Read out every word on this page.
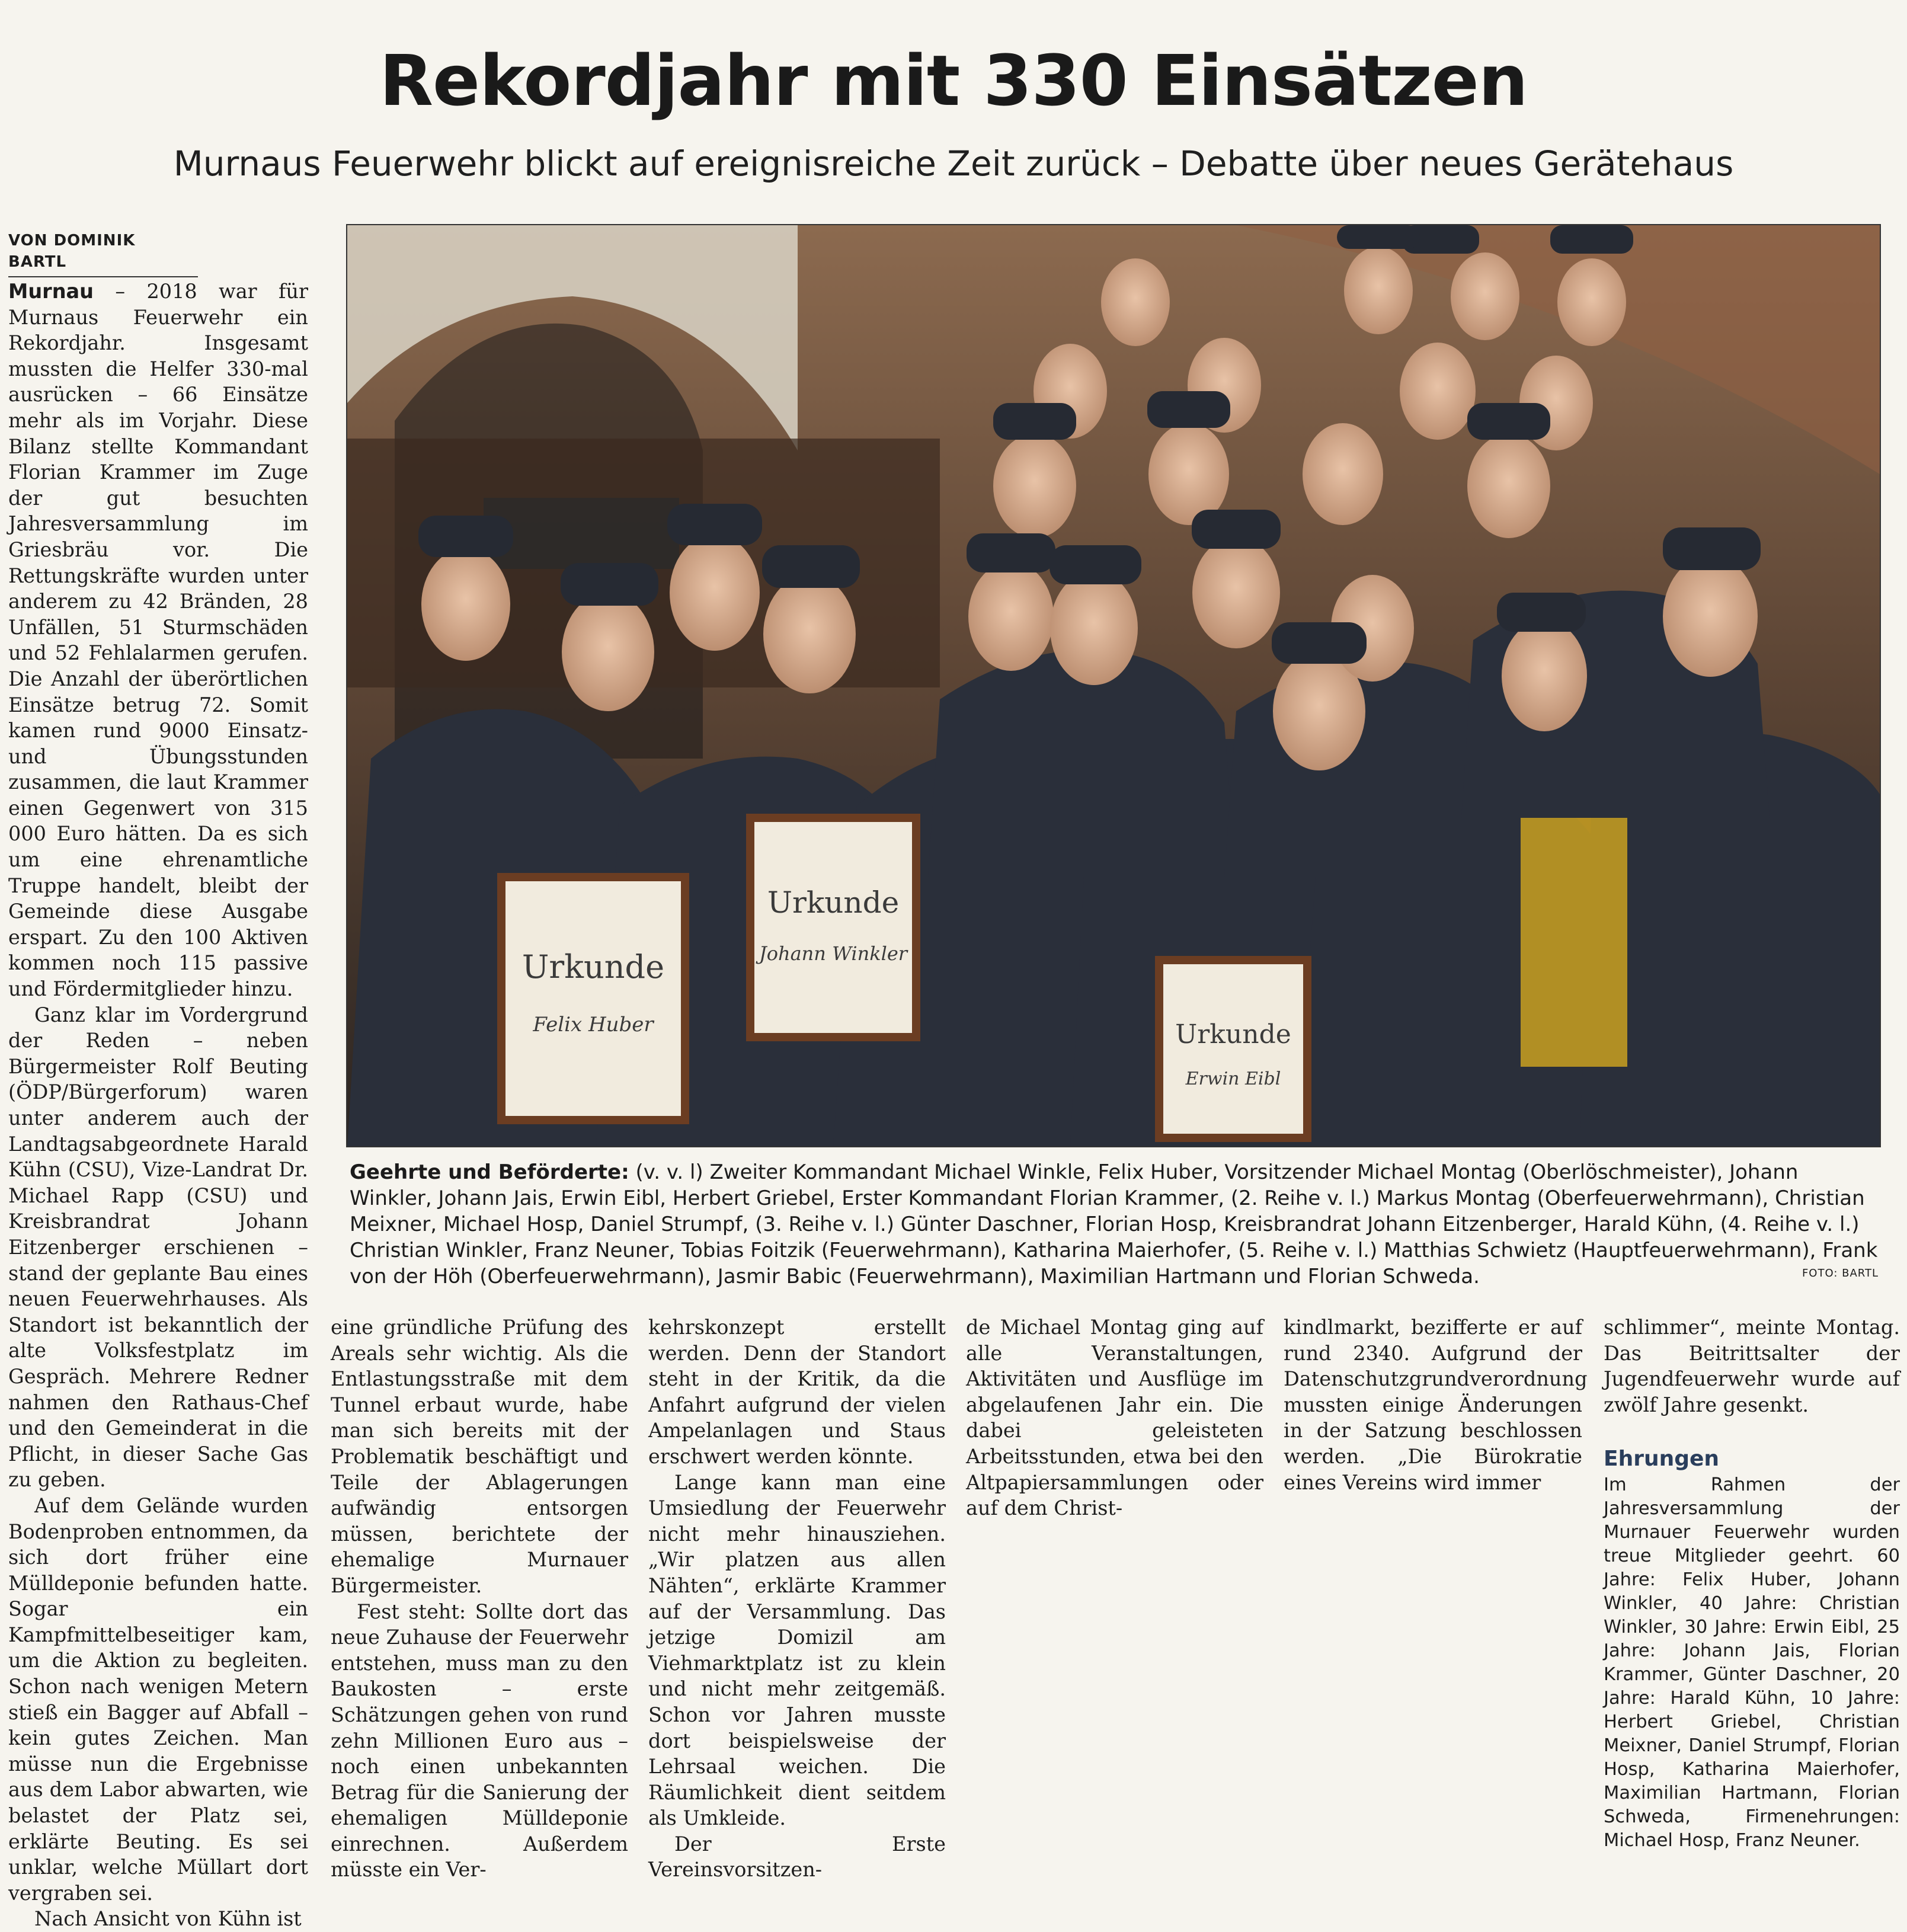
Rekordjahr mit 330 Einsätzen
Murnaus Feuerwehr blickt auf ereignisreiche Zeit zurück – Debatte über neues Gerätehaus
VON DOMINIK BARTL

Murnau – 2018 war für Murnaus Feuerwehr ein Rekordjahr. Insgesamt mussten die Helfer 330-mal ausrücken – 66 Einsätze mehr als im Vorjahr. Diese Bilanz stellte Kommandant Florian Krammer im Zuge der gut besuchten Jahresversammlung im Griesbräu vor. Die Rettungskräfte wurden unter anderem zu 42 Bränden, 28 Unfällen, 51 Sturmschäden und 52 Fehlalarmen gerufen. Die Anzahl der überörtlichen Einsätze betrug 72. Somit kamen rund 9000 Einsatz- und Übungsstunden zusammen, die laut Krammer einen Gegenwert von 315 000 Euro hätten. Da es sich um eine ehrenamtliche Truppe handelt, bleibt der Gemeinde diese Ausgabe erspart. Zu den 100 Aktiven kommen noch 115 passive und Fördermitglieder hinzu.

Ganz klar im Vordergrund der Reden – neben Bürgermeister Rolf Beuting (ÖDP/Bürgerforum) waren unter anderem auch der Landtagsabgeordnete Harald Kühn (CSU), Vize-Landrat Dr. Michael Rapp (CSU) und Kreisbrandrat Johann Eitzenberger erschienen – stand der geplante Bau eines neuen Feuerwehrhauses. Als Standort ist bekanntlich der alte Volksfestplatz im Gespräch. Mehrere Redner nahmen den Rathaus-Chef und den Gemeinderat in die Pflicht, in dieser Sache Gas zu geben.

Auf dem Gelände wurden Bodenproben entnommen, da sich dort früher eine Mülldeponie befunden hatte. Sogar ein Kampfmittelbeseitiger kam, um die Aktion zu begleiten. Schon nach wenigen Metern stieß ein Bagger auf Abfall – kein gutes Zeichen. Man müsse nun die Ergebnisse aus dem Labor abwarten, wie belastet der Platz sei, erklärte Beuting. Es sei unklar, welche Müllart dort vergraben sei.

Nach Ansicht von Kühn ist

Urkunde
Felix Huber
Urkunde
Johann Winkler
Urkunde
Erwin Eibl
Geehrte und Beförderte: (v. v. l) Zweiter Kommandant Michael Winkle, Felix Huber, Vorsitzender Michael Montag (Oberlöschmeister), Johann Winkler, Johann Jais, Erwin Eibl, Herbert Griebel, Erster Kommandant Florian Krammer, (2. Reihe v. l.) Markus Montag (Oberfeuerwehrmann), Christian Meixner, Michael Hosp, Daniel Strumpf, (3. Reihe v. l.) Günter Daschner, Florian Hosp, Kreisbrandrat Johann Eitzenberger, Harald Kühn, (4. Reihe v. l.) Christian Winkler, Franz Neuner, Tobias Foitzik (Feuerwehrmann), Katharina Maierhofer, (5. Reihe v. l.) Matthias Schwietz (Hauptfeuerwehrmann), Frank von der Höh (Oberfeuerwehrmann), Jasmir Babic (Feuerwehrmann), Maximilian Hartmann und Florian Schweda.	FOTO: BARTL

eine gründliche Prüfung des Areals sehr wichtig. Als die Entlastungsstraße mit dem Tunnel erbaut wurde, habe man sich bereits mit der Problematik beschäftigt und Teile der Ablagerungen aufwändig entsorgen müssen, berichtete der ehemalige Murnauer Bürgermeister.

Fest steht: Sollte dort das neue Zuhause der Feuerwehr entstehen, muss man zu den Baukosten – erste Schätzungen gehen von rund zehn Millionen Euro aus – noch einen unbekannten Betrag für die Sanierung der ehemaligen Mülldeponie einrechnen. Außerdem müsste ein Ver-

kehrskonzept erstellt werden. Denn der Standort steht in der Kritik, da die Anfahrt aufgrund der vielen Ampelanlagen und Staus erschwert werden könnte.

Lange kann man eine Umsiedlung der Feuerwehr nicht mehr hinausziehen. „Wir platzen aus allen Nähten“, erklärte Krammer auf der Versammlung. Das jetzige Domizil am Viehmarktplatz ist zu klein und nicht mehr zeitgemäß. Schon vor Jahren musste dort beispielsweise der Lehrsaal weichen. Die Räumlichkeit dient seitdem als Umkleide.

Der Erste Vereinsvorsitzen-

de Michael Montag ging auf alle Veranstaltungen, Aktivitäten und Ausflüge im abgelaufenen Jahr ein. Die dabei geleisteten Arbeitsstunden, etwa bei den Altpapiersammlungen oder auf dem Christ-

kindlmarkt, bezifferte er auf rund 2340. Aufgrund der Datenschutzgrundverordnung mussten einige Änderungen in der Satzung beschlossen werden. „Die Bürokratie eines Vereins wird immer

schlimmer“, meinte Montag. Das Beitrittsalter der Jugendfeuerwehr wurde auf zwölf Jahre gesenkt.

Ehrungen
Im Rahmen der Jahresversammlung der Murnauer Feuerwehr wurden treue Mitglieder geehrt. 60 Jahre: Felix Huber, Johann Winkler, 40 Jahre: Christian Winkler, 30 Jahre: Erwin Eibl, 25 Jahre: Johann Jais, Florian Krammer, Günter Daschner, 20 Jahre: Harald Kühn, 10 Jahre: Herbert Griebel, Christian Meixner, Daniel Strumpf, Florian Hosp, Katharina Maierhofer, Maximilian Hartmann, Florian Schweda, Firmenehrungen: Michael Hosp, Franz Neuner.
